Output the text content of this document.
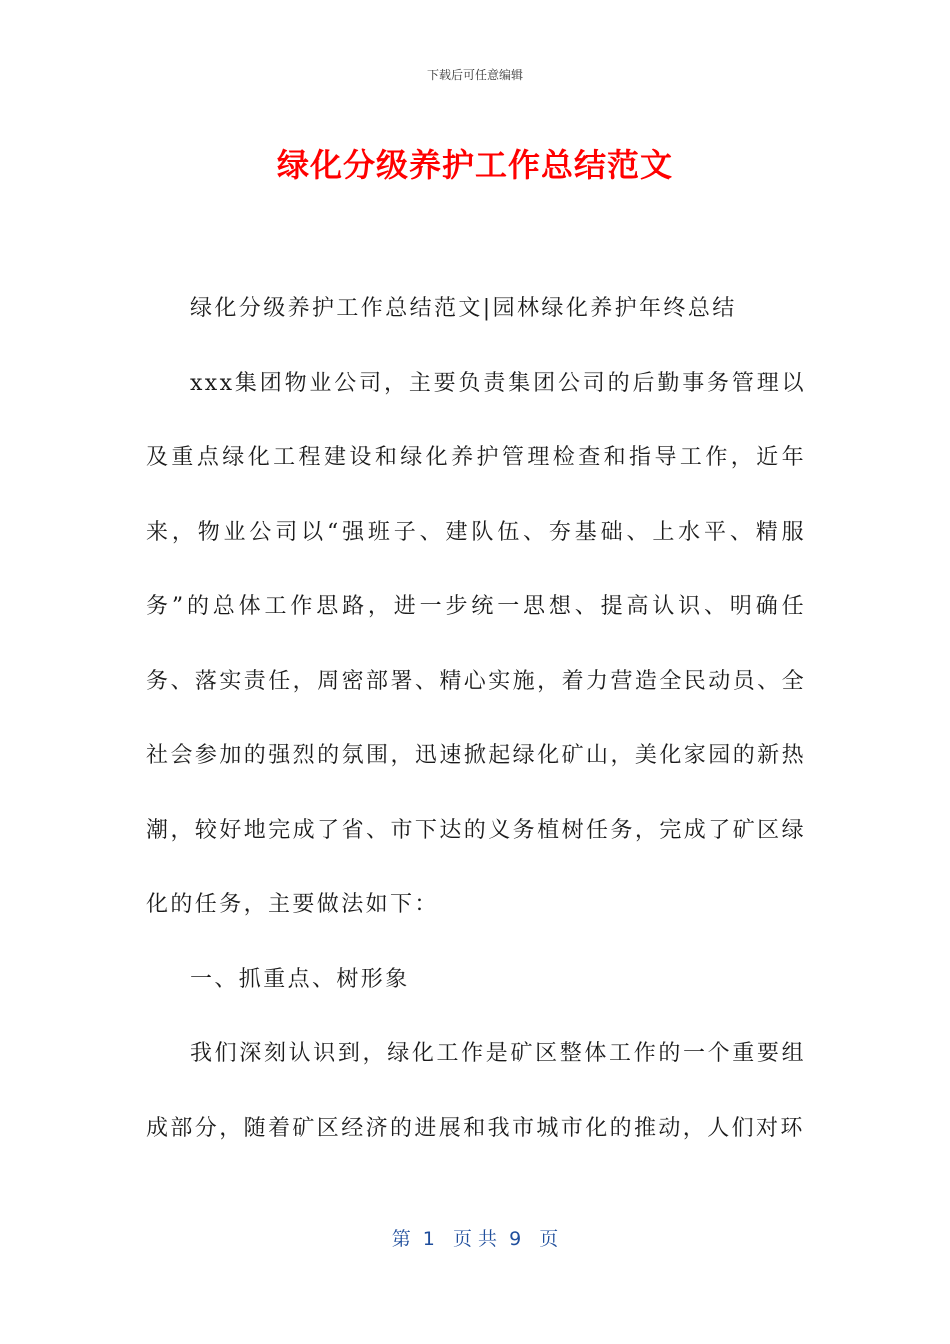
下载后可任意编辑
绿化分级养护工作总结范文

绿化分级养护工作总结范文|园林绿化养护年终总结

xxx集团物业公司，主要负责集团公司的后勤事务管理以及重点绿化工程建设和绿化养护管理检查和指导工作，近年来，物业公司以“强班子、建队伍、夯基础、上水平、精服务”的总体工作思路，进一步统一思想、提高认识、明确任务、落实责任，周密部署、精心实施，着力营造全民动员、全社会参加的强烈的氛围，迅速掀起绿化矿山，美化家园的新热潮，较好地完成了省、市下达的义务植树任务，完成了矿区绿化的任务，主要做法如下：

一、抓重点、树形象

我们深刻认识到，绿化工作是矿区整体工作的一个重要组成部分，随着矿区经济的进展和我市城市化的推动，人们对环

第  1   页 共  9   页
